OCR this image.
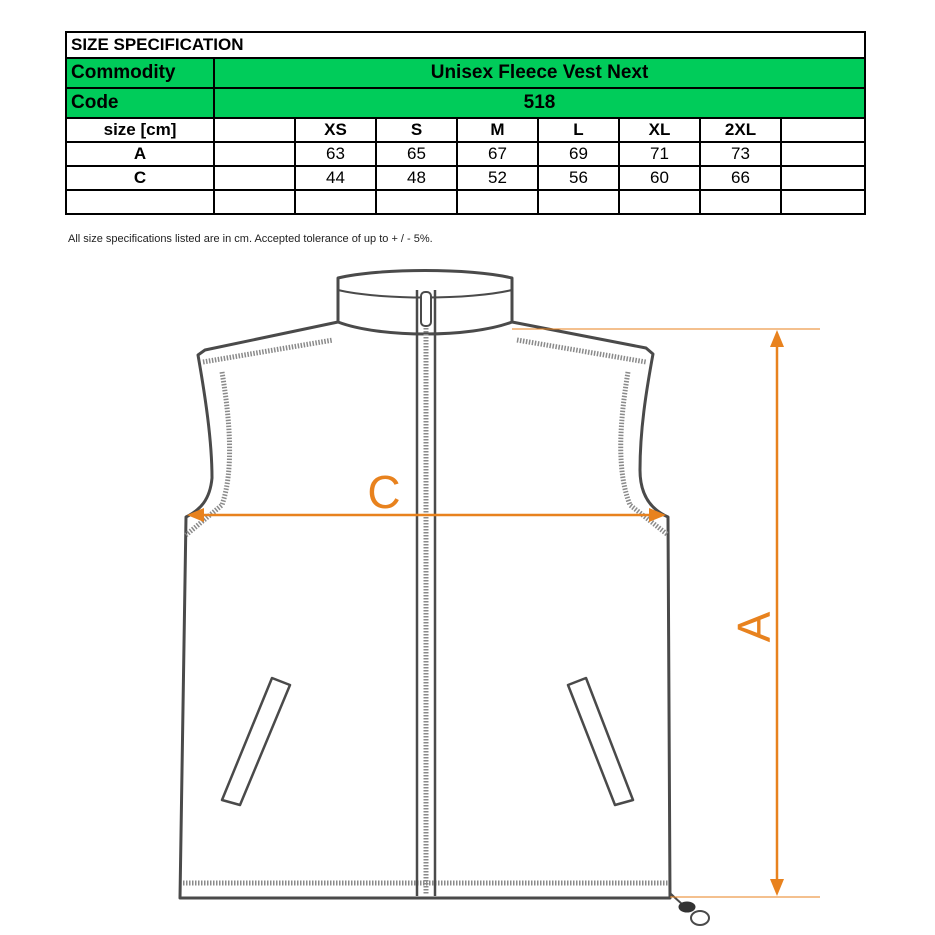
SIZE SPECIFICATION								
Commodity	Unisex Fleece Vest Next							
Code	518							
size [cm]		XS	S	M	L	XL	2XL	
A		63	65	67	69	71	73	
C		44	48	52	56	60	66	

All size specifications listed are in cm. Accepted tolerance of up to + / - 5%.
C
A
